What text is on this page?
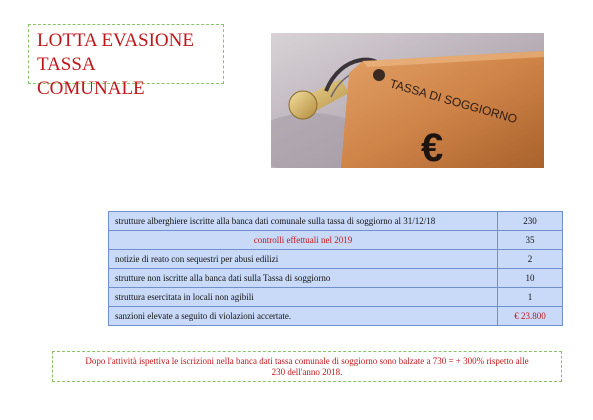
LOTTA EVASIONE
TASSA
COMUNALE	TASSA DI SOGGIORNO
€
strutture alberghiere iscritte alla banca dati comunale sulla tassa di soggiorno al 31/12/18	230
controlli effettuali nel 2019	35
notizie di reato con sequestri per abusi edilizi	2
strutture non iscritte alla banca dati sulla Tassa di soggiorno	10
struttura esercitata in locali non agibili	1
sanzioni elevate a seguito di violazioni accertate.	€ 23.800
Dopo l'attività ispettiva le iscrizioni nella banca dati tassa comunale di soggiorno sono balzate a 730 = + 300% rispetto alle
230 dell'anno 2018.
